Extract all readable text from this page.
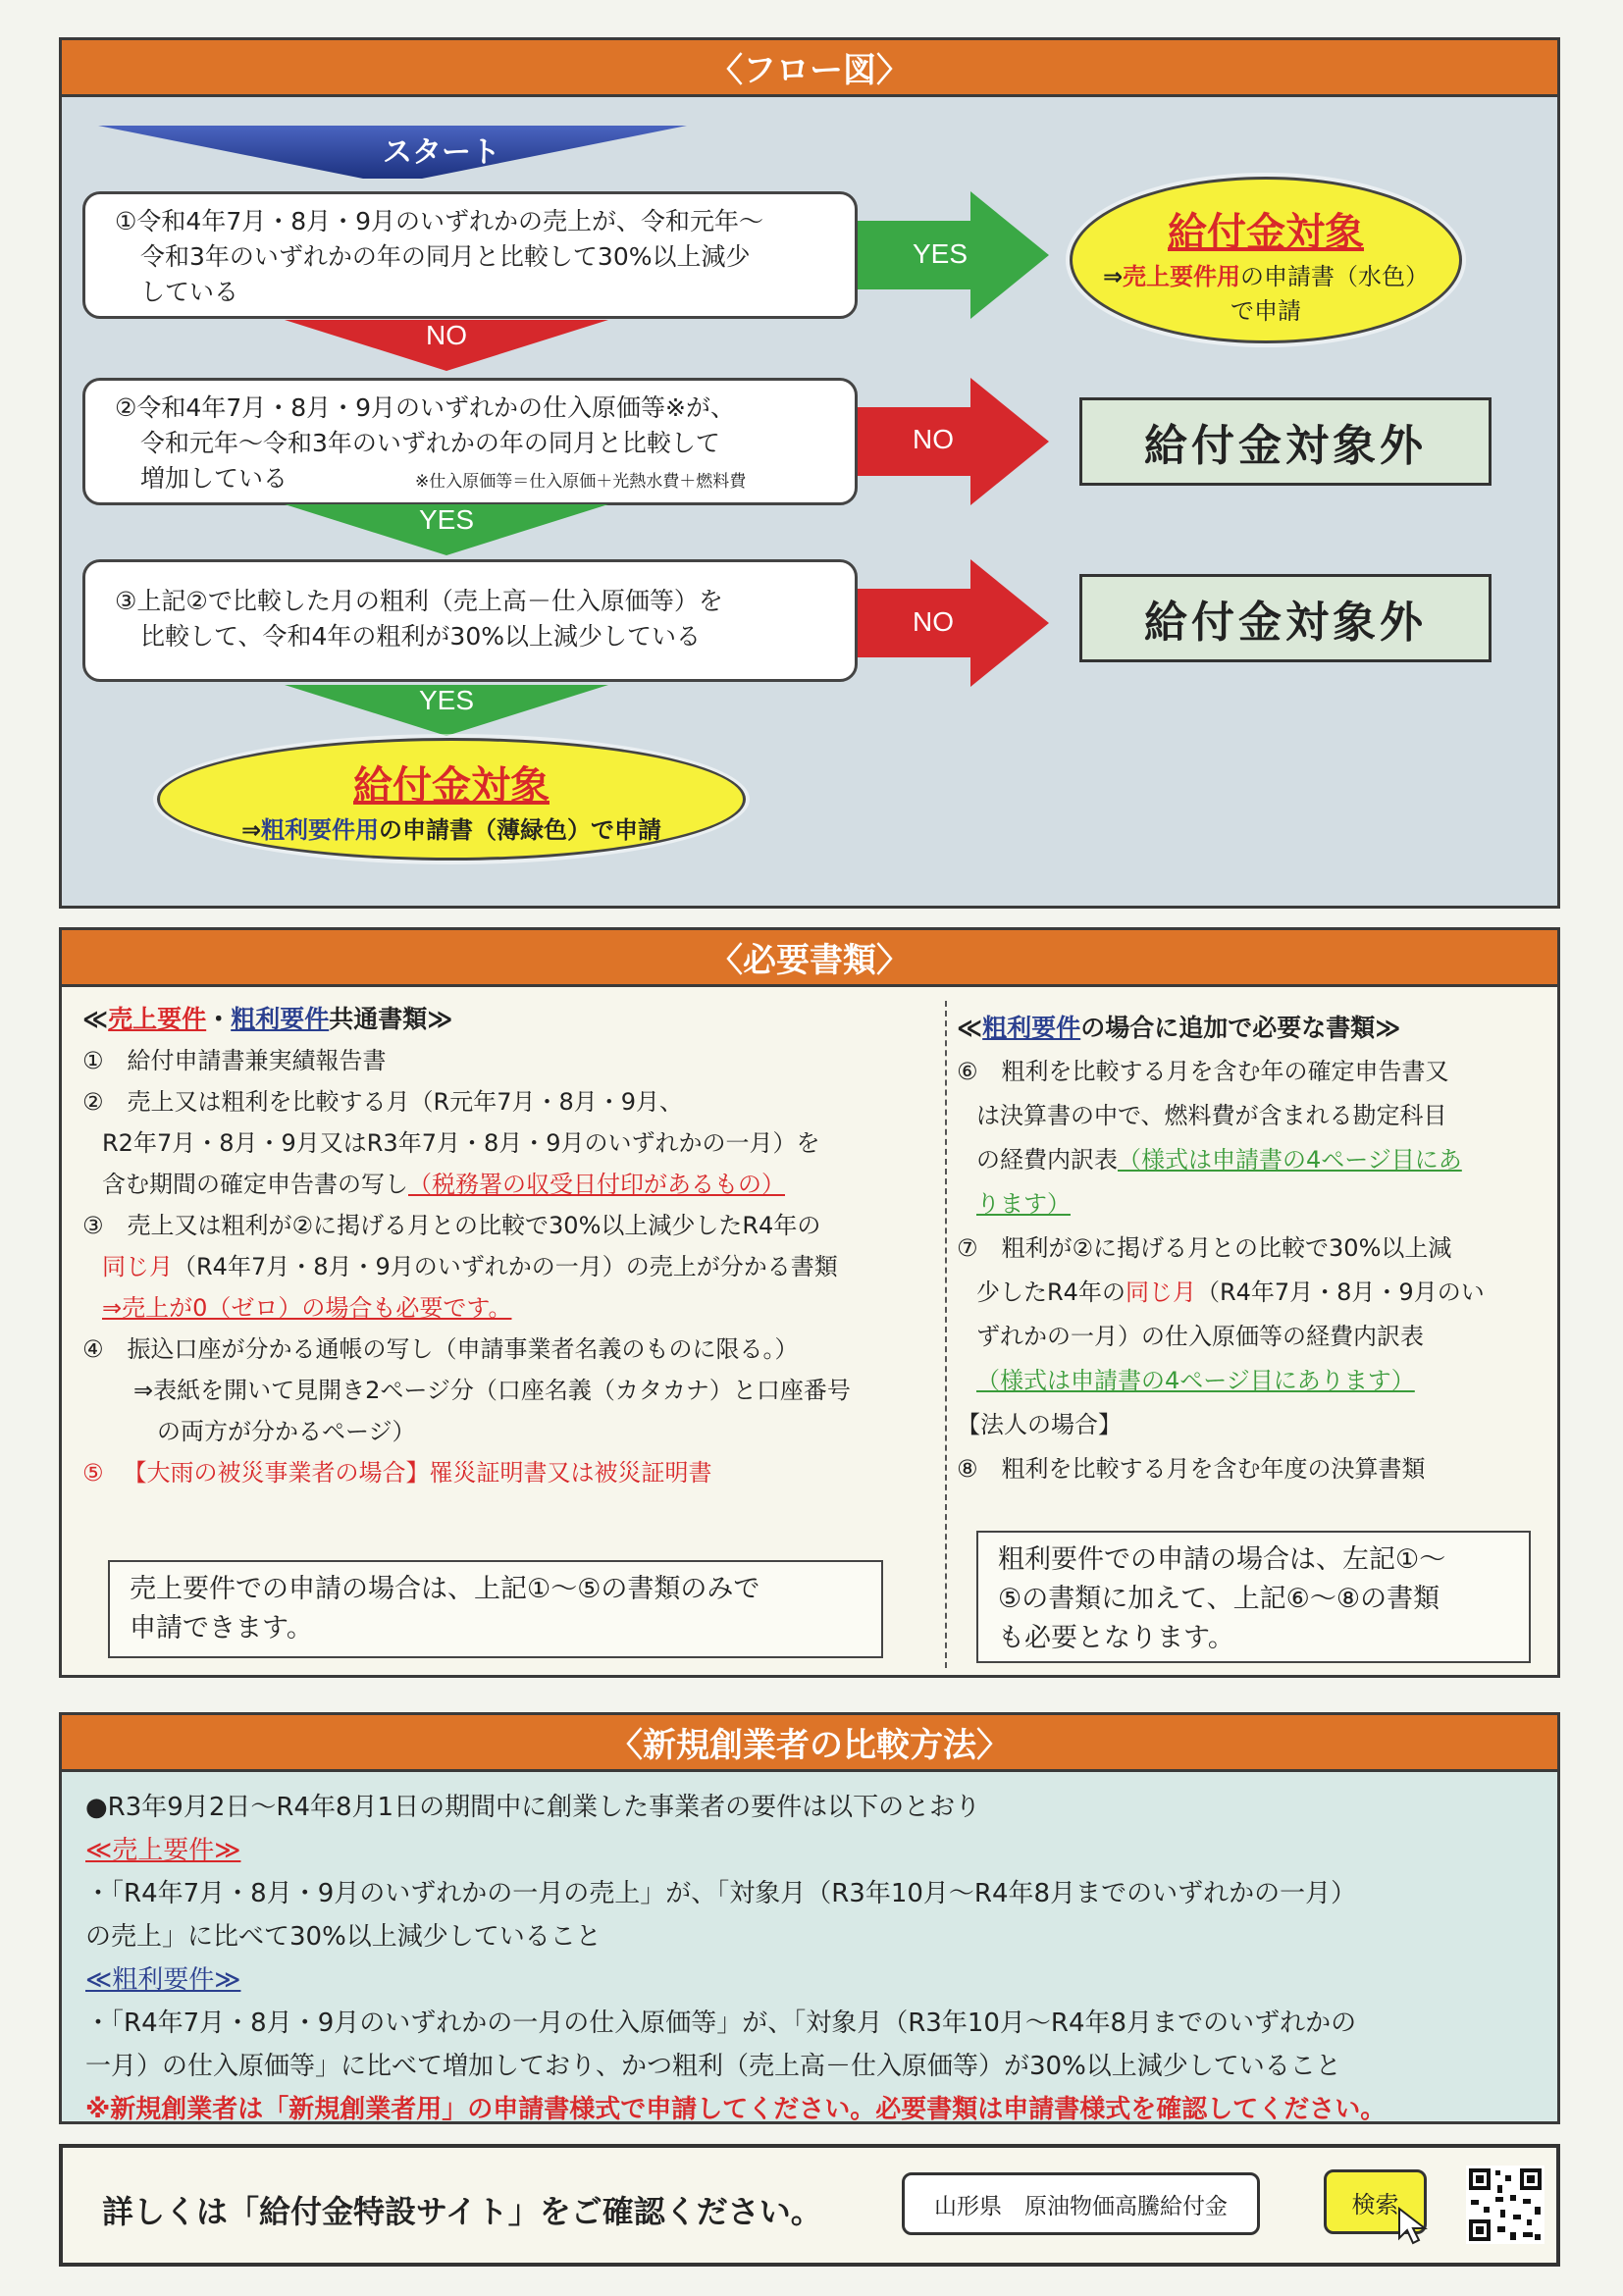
〈フロー図〉
スタート

①令和4年7月・8月・9月のいずれかの売上が、令和元年～

令和3年のいずれかの年の同月と比較して30%以上減少

している

YES	給付金対象
⇒売上要件用の申請書（水色）
で申請
NO

②令和4年7月・8月・9月のいずれかの仕入原価等※が、

令和元年～令和3年のいずれかの年の同月と比較して

増加している	※仕入原価等＝仕入原価＋光熱水費＋燃料費

NO	給付金対象外
YES

③上記②で比較した月の粗利（売上高－仕入原価等）を

比較して、令和4年の粗利が30%以上減少している	NO	給付金対象外
YES
給付金対象
⇒粗利要件用の申請書（薄緑色）で申請
〈必要書類〉

≪売上要件・粗利要件共通書類≫

①　給付申請書兼実績報告書

②　売上又は粗利を比較する月（R元年7月・8月・9月、

R2年7月・8月・9月又はR3年7月・8月・9月のいずれかの一月）を

含む期間の確定申告書の写し（税務署の収受日付印があるもの）

③　売上又は粗利が②に掲げる月との比較で30%以上減少したR4年の

同じ月（R4年7月・8月・9月のいずれかの一月）の売上が分かる書類

⇒売上が0（ゼロ）の場合も必要です。

④　振込口座が分かる通帳の写し（申請事業者名義のものに限る。）

⇒表紙を開いて見開き2ページ分（口座名義（カタカナ）と口座番号

の両方が分かるページ）

⑤ 【大雨の被災事業者の場合】罹災証明書又は被災証明書

売上要件での申請の場合は、上記①～⑤の書類のみで

申請できます。

≪粗利要件の場合に追加で必要な書類≫

⑥　粗利を比較する月を含む年の確定申告書又

は決算書の中で、燃料費が含まれる勘定科目

の経費内訳表（様式は申請書の4ページ目にあ

ります）

⑦　粗利が②に掲げる月との比較で30%以上減

少したR4年の同じ月（R4年7月・8月・9月のい

ずれかの一月）の仕入原価等の経費内訳表

（様式は申請書の4ページ目にあります）

【法人の場合】

⑧　粗利を比較する月を含む年度の決算書類

粗利要件での申請の場合は、左記①～

⑤の書類に加えて、上記⑥～⑧の書類

も必要となります。

〈新規創業者の比較方法〉

●R3年9月2日～R4年8月1日の期間中に創業した事業者の要件は以下のとおり

≪売上要件≫

・「R4年7月・8月・9月のいずれかの一月の売上」が、「対象月（R3年10月～R4年8月までのいずれかの一月）

の売上」に比べて30%以上減少していること

≪粗利要件≫

・「R4年7月・8月・9月のいずれかの一月の仕入原価等」が、「対象月（R3年10月～R4年8月までのいずれかの

一月）の仕入原価等」に比べて増加しており、かつ粗利（売上高－仕入原価等）が30%以上減少していること

※新規創業者は「新規創業者用」の申請書様式で申請してください。必要書類は申請書様式を確認してください。

詳しくは「給付金特設サイト」をご確認ください。	山形県　原油物価高騰給付金	検索
